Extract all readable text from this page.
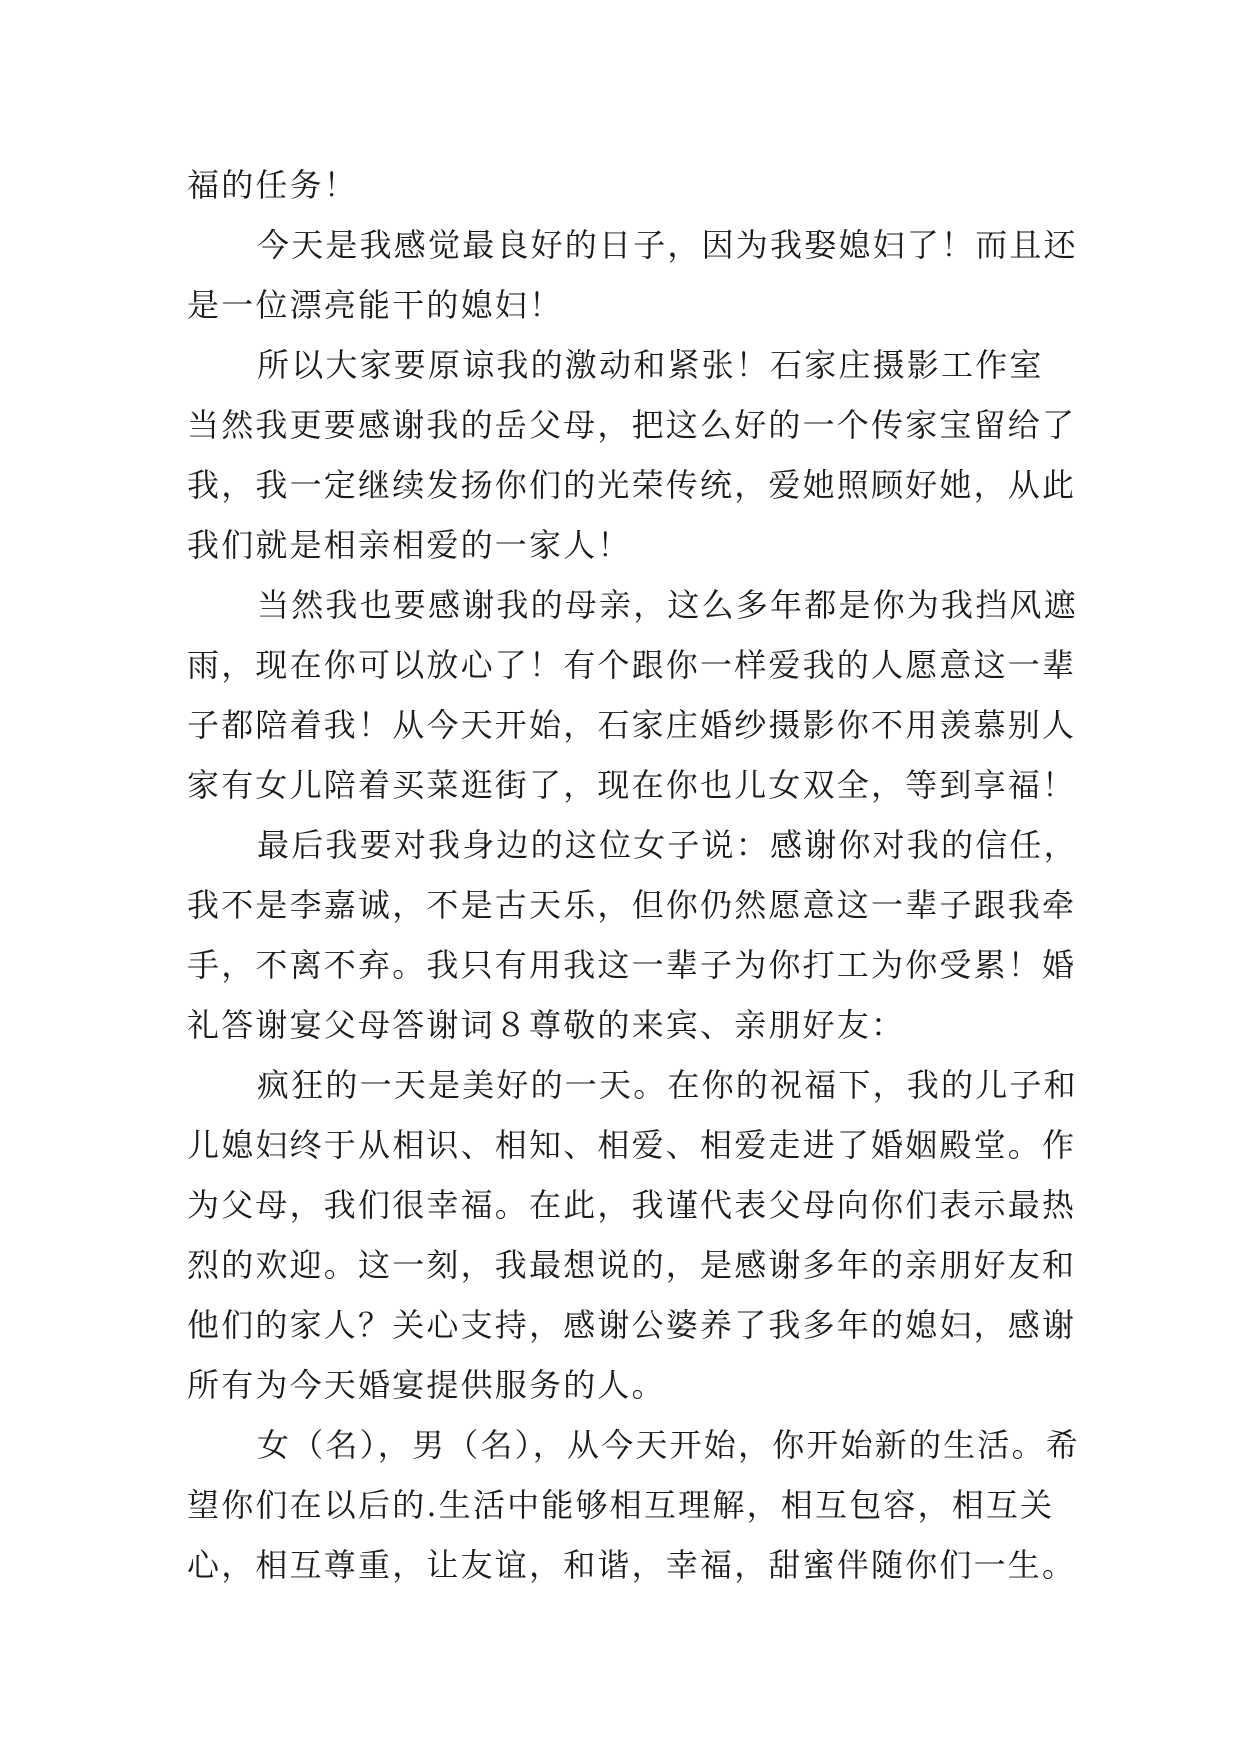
福的任务！
今天是我感觉最良好的日子，因为我娶媳妇了！而且还
是一位漂亮能干的媳妇！
所以大家要原谅我的激动和紧张！石家庄摄影工作室
当然我更要感谢我的岳父母，把这么好的一个传家宝留给了
我，我一定继续发扬你们的光荣传统，爱她照顾好她，从此
我们就是相亲相爱的一家人！
当然我也要感谢我的母亲，这么多年都是你为我挡风遮
雨，现在你可以放心了！有个跟你一样爱我的人愿意这一辈
子都陪着我！从今天开始，石家庄婚纱摄影你不用羡慕别人
家有女儿陪着买菜逛街了，现在你也儿女双全，等到享福！
最后我要对我身边的这位女子说：感谢你对我的信任，
我不是李嘉诚，不是古天乐，但你仍然愿意这一辈子跟我牵
手，不离不弃。我只有用我这一辈子为你打工为你受累！婚
礼答谢宴父母答谢词８尊敬的来宾、亲朋好友：
疯狂的一天是美好的一天。在你的祝福下，我的儿子和
儿媳妇终于从相识、相知、相爱、相爱走进了婚姻殿堂。作
为父母，我们很幸福。在此，我谨代表父母向你们表示最热
烈的欢迎。这一刻，我最想说的，是感谢多年的亲朋好友和
他们的家人？关心支持，感谢公婆养了我多年的媳妇，感谢
所有为今天婚宴提供服务的人。
女（名），男（名），从今天开始，你开始新的生活。希
望你们在以后的.生活中能够相互理解，相互包容，相互关
心，相互尊重，让友谊，和谐，幸福，甜蜜伴随你们一生。
